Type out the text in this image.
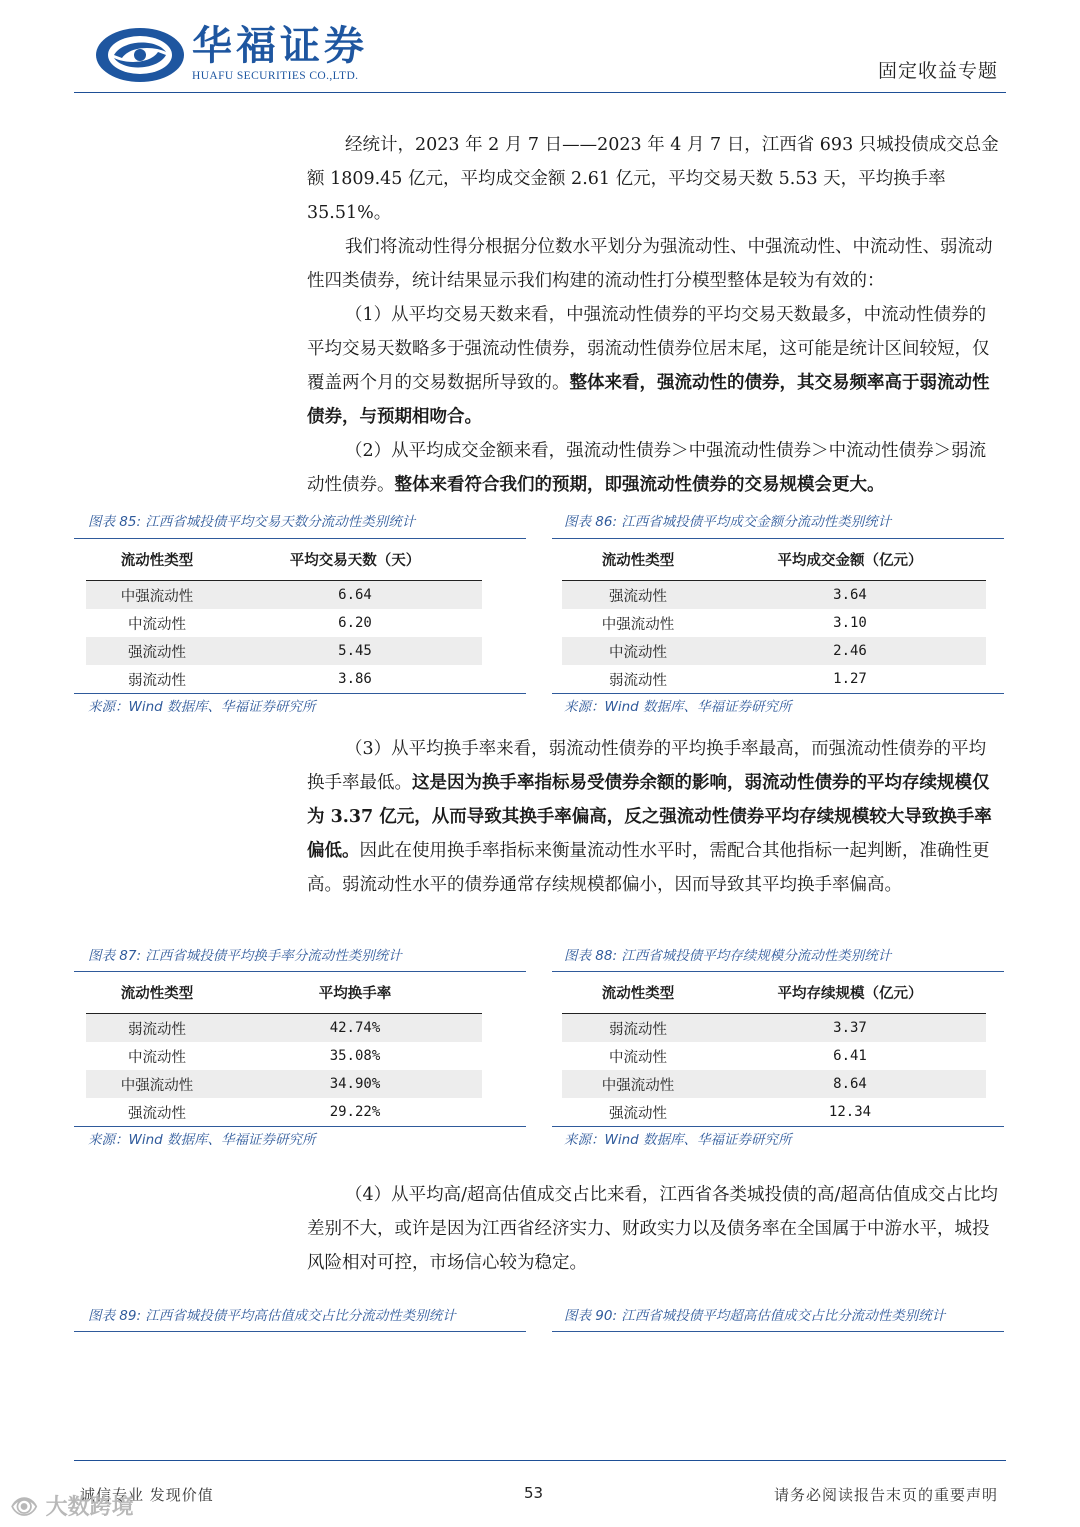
华福证券
HUAFU SECURITIES CO.,LTD.	固定收益专题

经统计，2023 年 2 月 7 日——2023 年 4 月 7 日，江西省 693 只城投债成交总金额 1809.45 亿元，平均成交金额 2.61 亿元，平均交易天数 5.53 天，平均换手率 35.51%。

我们将流动性得分根据分位数水平划分为强流动性、中强流动性、中流动性、弱流动性四类债券，统计结果显示我们构建的流动性打分模型整体是较为有效的：

（1）从平均交易天数来看，中强流动性债券的平均交易天数最多，中流动性债券的平均交易天数略多于强流动性债券，弱流动性债券位居末尾，这可能是统计区间较短，仅覆盖两个月的交易数据所导致的。整体来看，强流动性的债券，其交易频率高于弱流动性债券，与预期相吻合。

（2）从平均成交金额来看，强流动性债券＞中强流动性债券＞中流动性债券＞弱流动性债券。整体来看符合我们的预期，即强流动性债券的交易规模会更大。

图表 85: 江西省城投债平均交易天数分流动性类别统计
流动性类型	平均交易天数（天）
中强流动性	6.64
中流动性	6.20
强流动性	5.45
弱流动性	3.86
来源：Wind 数据库、华福证券研究所
图表 86: 江西省城投债平均成交金额分流动性类别统计
流动性类型	平均成交金额（亿元）
强流动性	3.64
中强流动性	3.10
中流动性	2.46
弱流动性	1.27
来源：Wind 数据库、华福证券研究所

（3）从平均换手率来看，弱流动性债券的平均换手率最高，而强流动性债券的平均换手率最低。这是因为换手率指标易受债券余额的影响，弱流动性债券的平均存续规模仅为 3.37 亿元，从而导致其换手率偏高，反之强流动性债券平均存续规模较大导致换手率偏低。因此在使用换手率指标来衡量流动性水平时，需配合其他指标一起判断，准确性更高。弱流动性水平的债券通常存续规模都偏小，因而导致其平均换手率偏高。

图表 87: 江西省城投债平均换手率分流动性类别统计
流动性类型	平均换手率
弱流动性	42.74%
中流动性	35.08%
中强流动性	34.90%
强流动性	29.22%
来源：Wind 数据库、华福证券研究所
图表 88: 江西省城投债平均存续规模分流动性类别统计
流动性类型	平均存续规模（亿元）
弱流动性	3.37
中流动性	6.41
中强流动性	8.64
强流动性	12.34
来源：Wind 数据库、华福证券研究所

（4）从平均高/超高估值成交占比来看，江西省各类城投债的高/超高估值成交占比均差别不大，或许是因为江西省经济实力、财政实力以及债务率在全国属于中游水平，城投风险相对可控，市场信心较为稳定。

图表 89: 江西省城投债平均高估值成交占比分流动性类别统计	图表 90: 江西省城投债平均超高估值成交占比分流动性类别统计
诚信专业 发现价值	53	请务必阅读报告末页的重要声明
👁 大数跨境
